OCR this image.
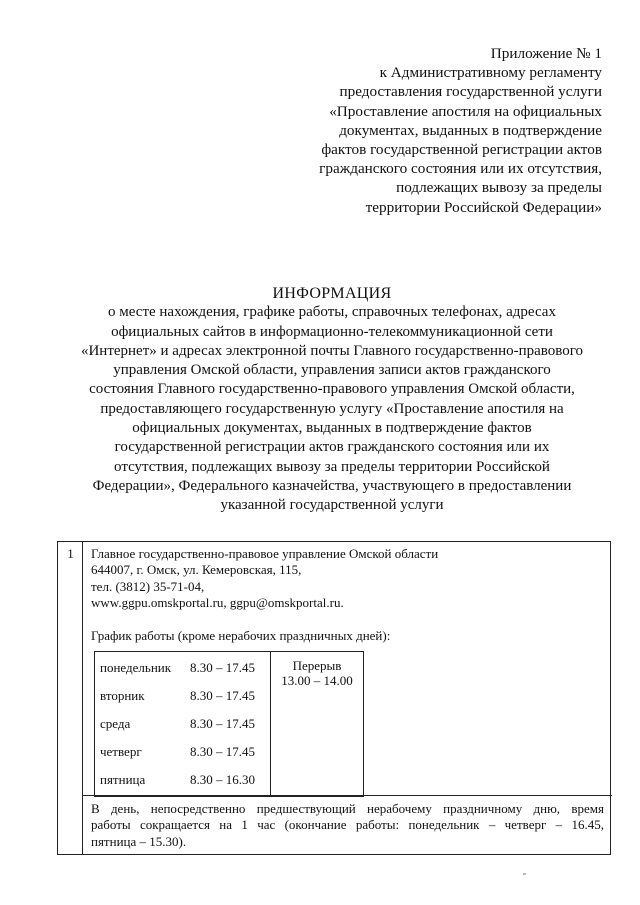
Приложение № 1
к Административному регламенту
предоставления государственной услуги
«Проставление апостиля на официальных
документах, выданных в подтверждение
фактов государственной регистрации актов
гражданского состояния или их отсутствия,
подлежащих вывозу за пределы
территории Российской Федерации»
ИНФОРМАЦИЯ
о месте нахождения, графике работы, справочных телефонах, адресах
официальных сайтов в информационно-телекоммуникационной сети
«Интернет» и адресах электронной почты Главного государственно-правового
управления Омской области, управления записи актов гражданского
состояния Главного государственно-правового управления Омской области,
предоставляющего государственную услугу «Проставление апостиля на
официальных документах, выданных в подтверждение фактов
государственной регистрации актов гражданского состояния или их
отсутствия, подлежащих вывозу за пределы территории Российской
Федерации», Федерального казначейства, участвующего в предоставлении
указанной государственной услуги
1	Главное государственно-правовое управление Омской области
644007, г. Омск, ул. Кемеровская, 115,
тел. (3812) 35-71-04,
www.ggpu.omskportal.ru, ggpu@omskportal.ru.
График работы (кроме нерабочих праздничных дней):
понедельник 8.30 – 17.45
вторник	8.30 – 17.45
среда	8.30 – 17.45
четверг	8.30 – 17.45
пятница	8.30 – 16.30
Перерыв
13.00 – 14.00
В день, непосредственно предшествующий нерабочему праздничному дню, время
работы сокращается на 1 час (окончание работы: понедельник – четверг – 16.45,
пятница – 15.30).
